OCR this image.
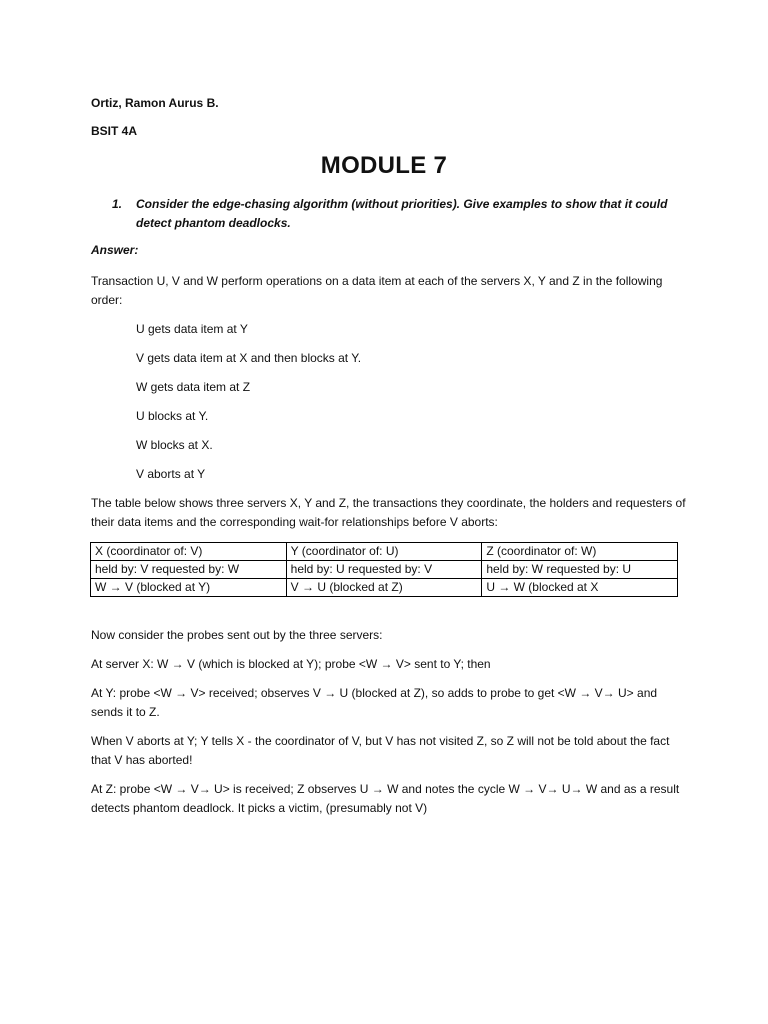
Ortiz, Ramon Aurus B.
BSIT 4A
MODULE 7
1. Consider the edge-chasing algorithm (without priorities). Give examples to show that it could detect phantom deadlocks.
Answer:
Transaction U, V and W perform operations on a data item at each of the servers X, Y and Z in the following order:
U gets data item at Y
V gets data item at X and then blocks at Y.
W gets data item at Z
U blocks at Y.
W blocks at X.
V aborts at Y
The table below shows three servers X, Y and Z, the transactions they coordinate, the holders and requesters of their data items and the corresponding wait-for relationships before V aborts:
X (coordinator of: V)	Y (coordinator of: U)	Z (coordinator of: W)
held by: V requested by: W	held by: U requested by: V	held by: W requested by: U
W → V (blocked at Y)	V → U (blocked at Z)	U → W (blocked at X
Now consider the probes sent out by the three servers:
At server X: W → V (which is blocked at Y); probe <W → V> sent to Y; then
At Y: probe <W → V> received; observes V → U (blocked at Z), so adds to probe to get <W → V→ U> and sends it to Z.
When V aborts at Y; Y tells X - the coordinator of V, but V has not visited Z, so Z will not be told about the fact that V has aborted!
At Z: probe <W → V→ U> is received; Z observes U → W and notes the cycle W → V→ U→ W and as a result detects phantom deadlock. It picks a victim, (presumably not V)
